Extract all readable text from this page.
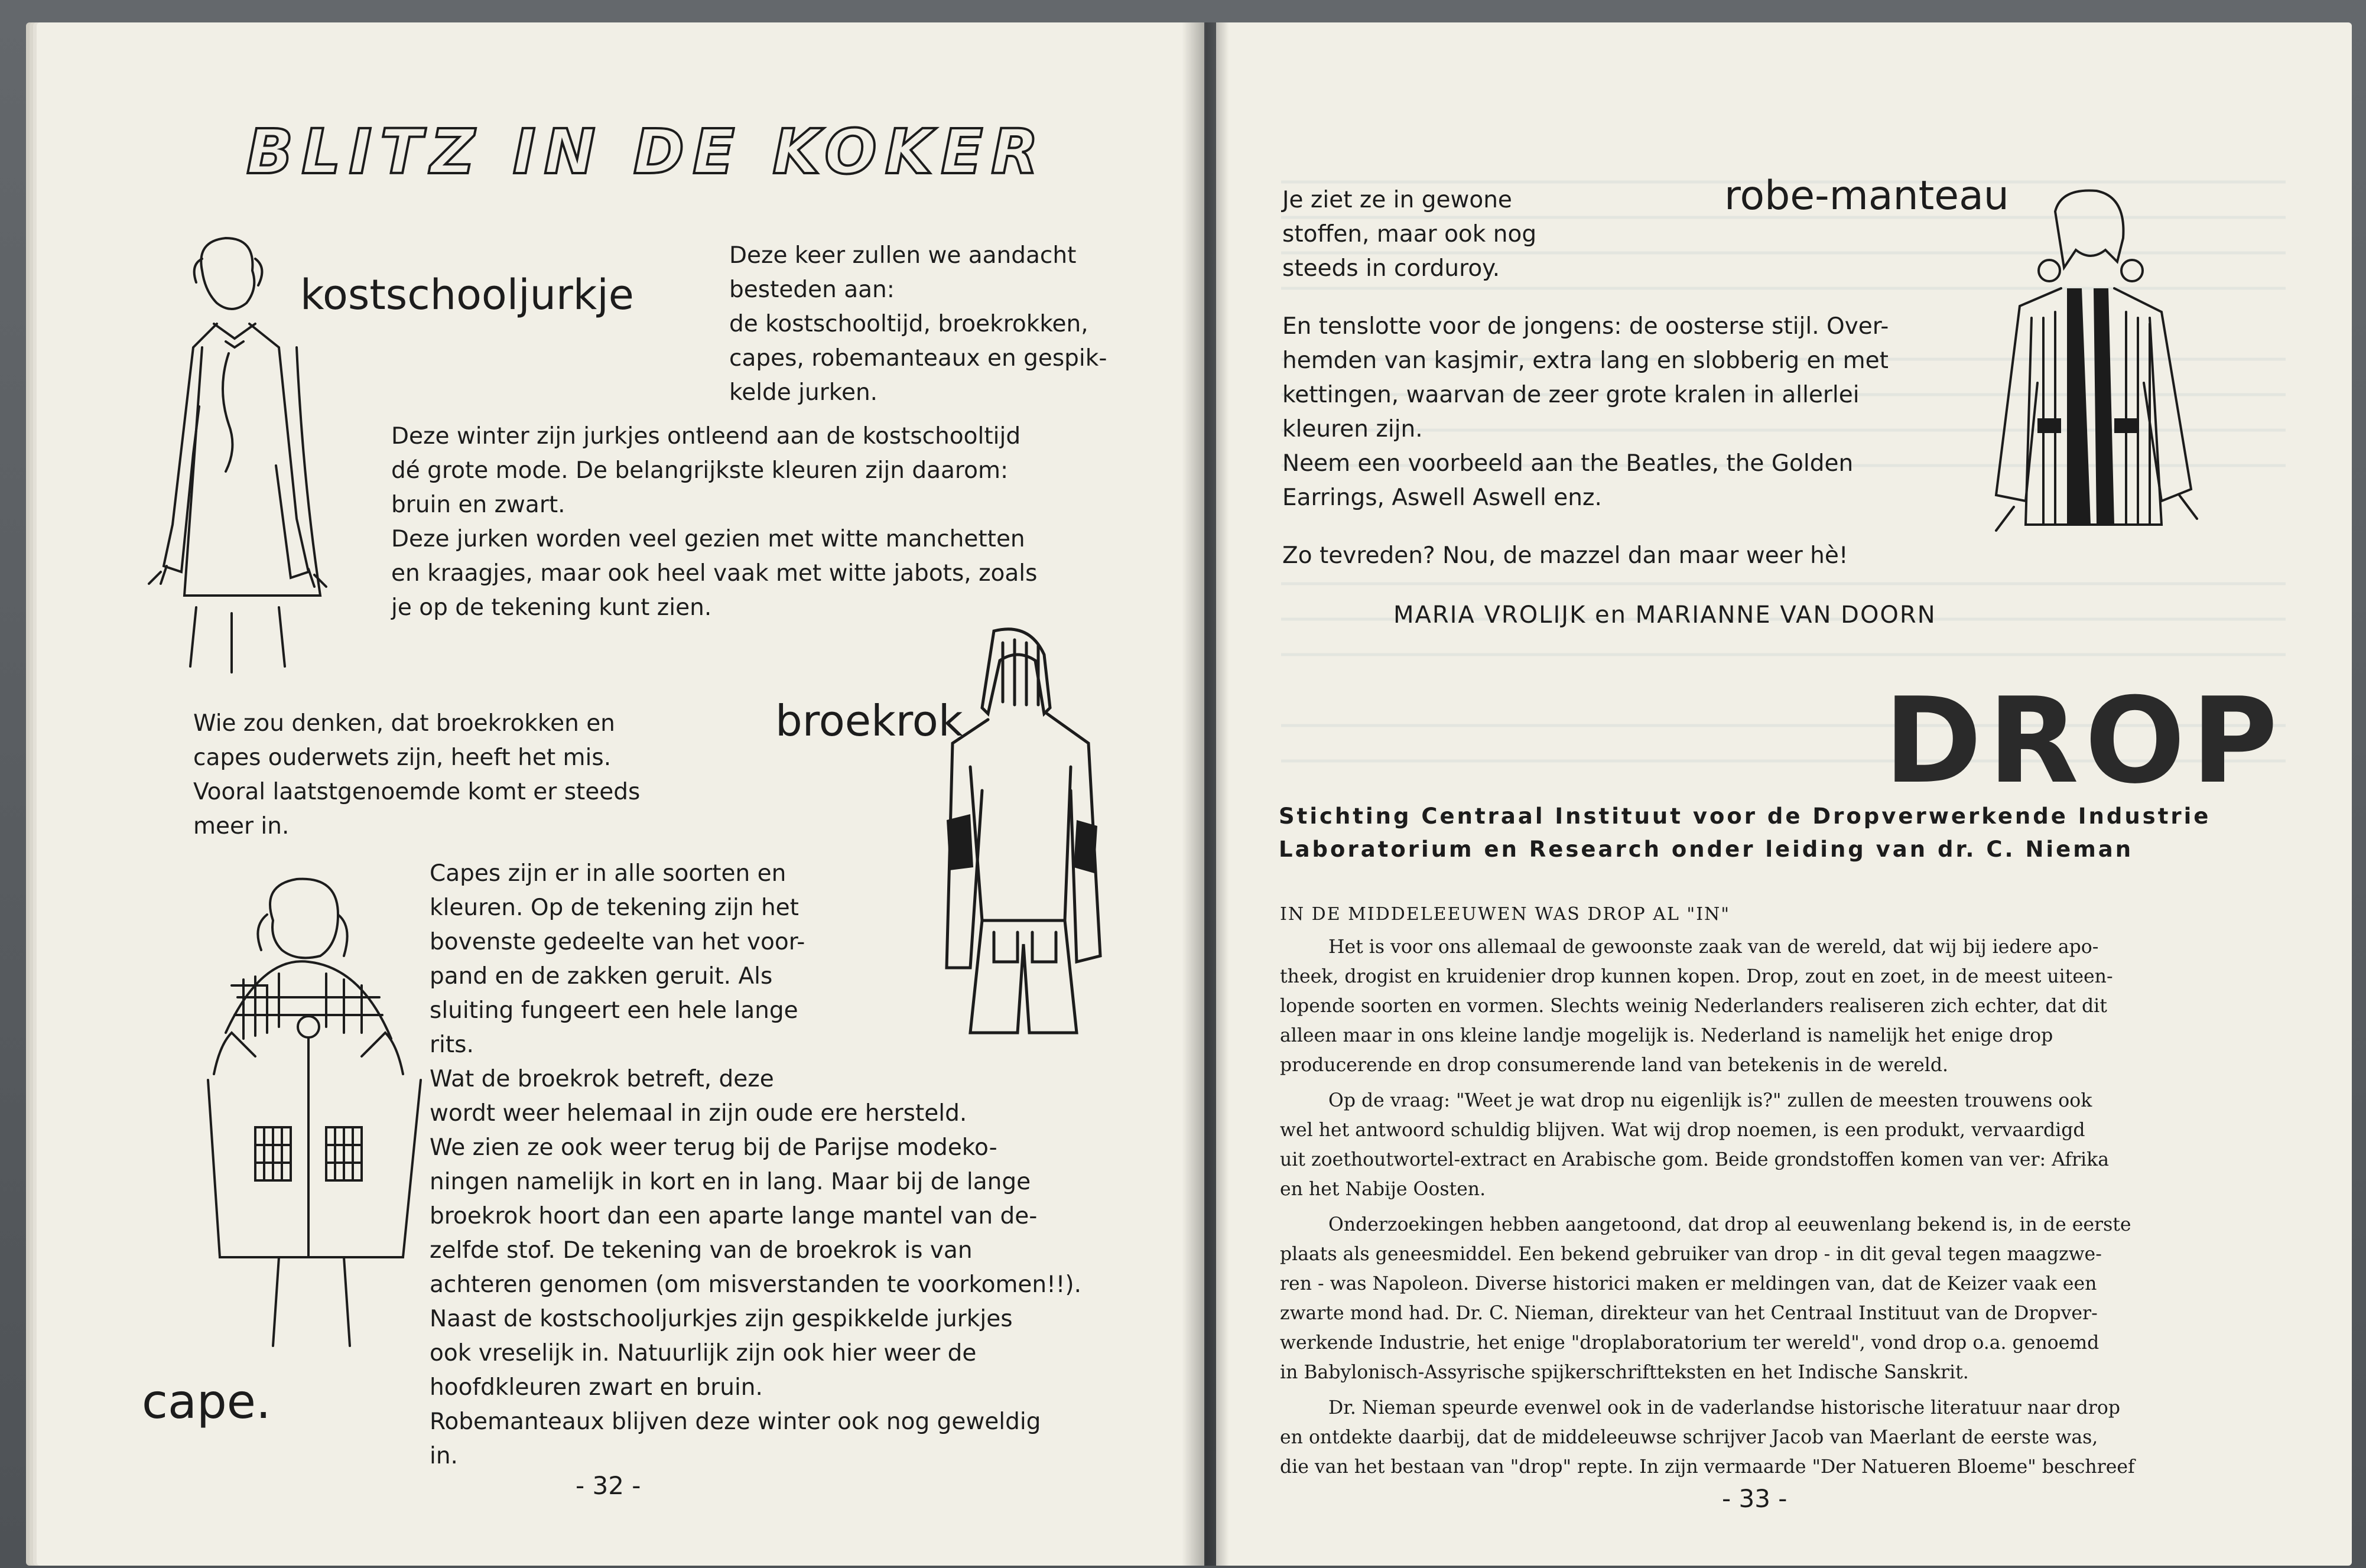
BLITZ IN DE KOKER
kostschooljurkje
Deze keer zullen we aandacht
besteden aan:
de kostschooltijd, broekrokken,
capes, robemanteaux en gespik-
kelde jurken.
Deze winter zijn jurkjes ontleend aan de kostschooltijd
dé grote mode. De belangrijkste kleuren zijn daarom:
bruin en zwart.
Deze jurken worden veel gezien met witte manchetten
en kraagjes, maar ook heel vaak met witte jabots, zoals
je op de tekening kunt zien.
Wie zou denken, dat broekrokken en
capes ouderwets zijn, heeft het mis.
Vooral laatstgenoemde komt er steeds
meer in.
broekrok
Capes zijn er in alle soorten en
kleuren. Op de tekening zijn het
bovenste gedeelte van het voor-
pand en de zakken geruit. Als
sluiting fungeert een hele lange
rits.
Wat de broekrok betreft, deze
wordt weer helemaal in zijn oude ere hersteld.
We zien ze ook weer terug bij de Parijse modeko-
ningen namelijk in kort en in lang. Maar bij de lange
broekrok hoort dan een aparte lange mantel van de-
zelfde stof. De tekening van de broekrok is van
achteren genomen (om misverstanden te voorkomen!!).
Naast de kostschooljurkjes zijn gespikkelde jurkjes
ook vreselijk in. Natuurlijk zijn ook hier weer de
hoofdkleuren zwart en bruin.
Robemanteaux blijven deze winter ook nog geweldig
in.
cape.
- 32 -
Je ziet ze in gewone
stoffen, maar ook nog
steeds in corduroy.
robe-manteau
En tenslotte voor de jongens: de oosterse stijl. Over-
hemden van kasjmir, extra lang en slobberig en met
kettingen, waarvan de zeer grote kralen in allerlei
kleuren zijn.
Neem een voorbeeld aan the Beatles, the Golden
Earrings, Aswell Aswell enz.
Zo tevreden? Nou, de mazzel dan maar weer hè!
MARIA VROLIJK en MARIANNE VAN DOORN
DROP
Stichting Centraal Instituut voor de Dropverwerkende Industrie
Laboratorium en Research onder leiding van dr. C. Nieman
IN DE MIDDELEEUWEN WAS DROP AL "IN"
Het is voor ons allemaal de gewoonste zaak van de wereld, dat wij bij iedere apo-
theek, drogist en kruidenier drop kunnen kopen. Drop, zout en zoet, in de meest uiteen-
lopende soorten en vormen. Slechts weinig Nederlanders realiseren zich echter, dat dit
alleen maar in ons kleine landje mogelijk is. Nederland is namelijk het enige drop
producerende en drop consumerende land van betekenis in de wereld.
Op de vraag: "Weet je wat drop nu eigenlijk is?" zullen de meesten trouwens ook
wel het antwoord schuldig blijven. Wat wij drop noemen, is een produkt, vervaardigd
uit zoethoutwortel-extract en Arabische gom. Beide grondstoffen komen van ver: Afrika
en het Nabije Oosten.
Onderzoekingen hebben aangetoond, dat drop al eeuwenlang bekend is, in de eerste
plaats als geneesmiddel. Een bekend gebruiker van drop - in dit geval tegen maagzwe-
ren - was Napoleon. Diverse historici maken er meldingen van, dat de Keizer vaak een
zwarte mond had. Dr. C. Nieman, direkteur van het Centraal Instituut van de Dropver-
werkende Industrie, het enige "droplaboratorium ter wereld", vond drop o.a. genoemd
in Babylonisch-Assyrische spijkerschriftteksten en het Indische Sanskrit.
Dr. Nieman speurde evenwel ook in de vaderlandse historische literatuur naar drop
en ontdekte daarbij, dat de middeleeuwse schrijver Jacob van Maerlant de eerste was,
die van het bestaan van "drop" repte. In zijn vermaarde "Der Natueren Bloeme" beschreef
- 33 -
